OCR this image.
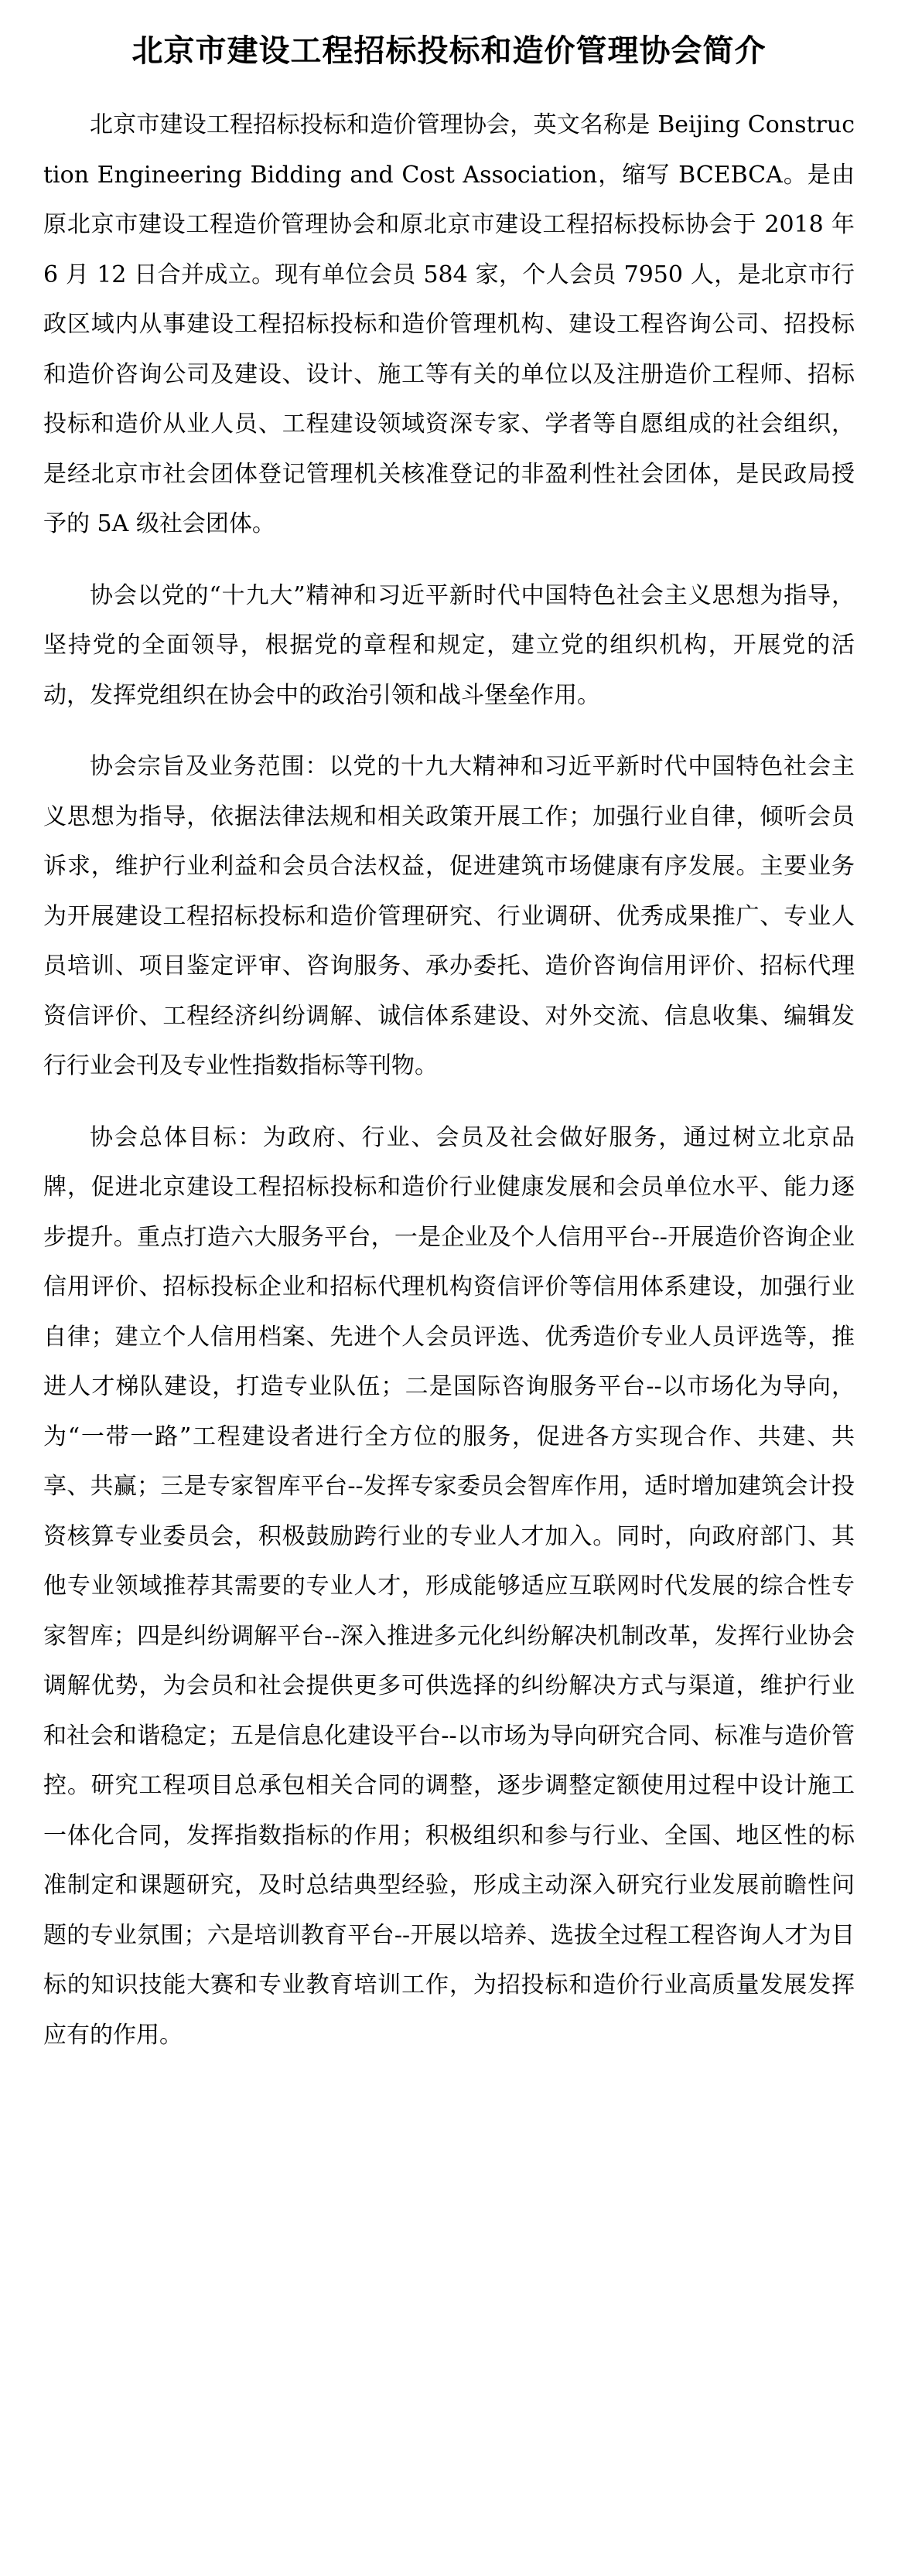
北京市建设工程招标投标和造价管理协会简介

北京市建设工程招标投标和造价管理协会，英文名称是 Beijing Construction Engineering Bidding and Cost Association，缩写 BCEBCA。是由原北京市建设工程造价管理协会和原北京市建设工程招标投标协会于 2018 年 6 月 12 日合并成立。现有单位会员 584 家，个人会员 7950 人，是北京市行政区域内从事建设工程招标投标和造价管理机构、建设工程咨询公司、招投标和造价咨询公司及建设、设计、施工等有关的单位以及注册造价工程师、招标投标和造价从业人员、工程建设领域资深专家、学者等自愿组成的社会组织，是经北京市社会团体登记管理机关核准登记的非盈利性社会团体，是民政局授予的 5A 级社会团体。

协会以党的“十九大”精神和习近平新时代中国特色社会主义思想为指导，坚持党的全面领导，根据党的章程和规定，建立党的组织机构，开展党的活动，发挥党组织在协会中的政治引领和战斗堡垒作用。

协会宗旨及业务范围：以党的十九大精神和习近平新时代中国特色社会主义思想为指导，依据法律法规和相关政策开展工作；加强行业自律，倾听会员诉求，维护行业利益和会员合法权益，促进建筑市场健康有序发展。主要业务为开展建设工程招标投标和造价管理研究、行业调研、优秀成果推广、专业人员培训、项目鉴定评审、咨询服务、承办委托、造价咨询信用评价、招标代理资信评价、工程经济纠纷调解、诚信体系建设、对外交流、信息收集、编辑发行行业会刊及专业性指数指标等刊物。

协会总体目标：为政府、行业、会员及社会做好服务，通过树立北京品牌，促进北京建设工程招标投标和造价行业健康发展和会员单位水平、能力逐步提升。重点打造六大服务平台，一是企业及个人信用平台--开展造价咨询企业信用评价、招标投标企业和招标代理机构资信评价等信用体系建设，加强行业自律；建立个人信用档案、先进个人会员评选、优秀造价专业人员评选等，推进人才梯队建设，打造专业队伍；二是国际咨询服务平台--以市场化为导向，为“一带一路”工程建设者进行全方位的服务，促进各方实现合作、共建、共享、共赢；三是专家智库平台--发挥专家委员会智库作用，适时增加建筑会计投资核算专业委员会，积极鼓励跨行业的专业人才加入。同时，向政府部门、其他专业领域推荐其需要的专业人才，形成能够适应互联网时代发展的综合性专家智库；四是纠纷调解平台--深入推进多元化纠纷解决机制改革，发挥行业协会调解优势，为会员和社会提供更多可供选择的纠纷解决方式与渠道，维护行业和社会和谐稳定；五是信息化建设平台--以市场为导向研究合同、标准与造价管控。研究工程项目总承包相关合同的调整，逐步调整定额使用过程中设计施工一体化合同，发挥指数指标的作用；积极组织和参与行业、全国、地区性的标准制定和课题研究，及时总结典型经验，形成主动深入研究行业发展前瞻性问题的专业氛围；六是培训教育平台--开展以培养、选拔全过程工程咨询人才为目标的知识技能大赛和专业教育培训工作，为招投标和造价行业高质量发展发挥应有的作用。
